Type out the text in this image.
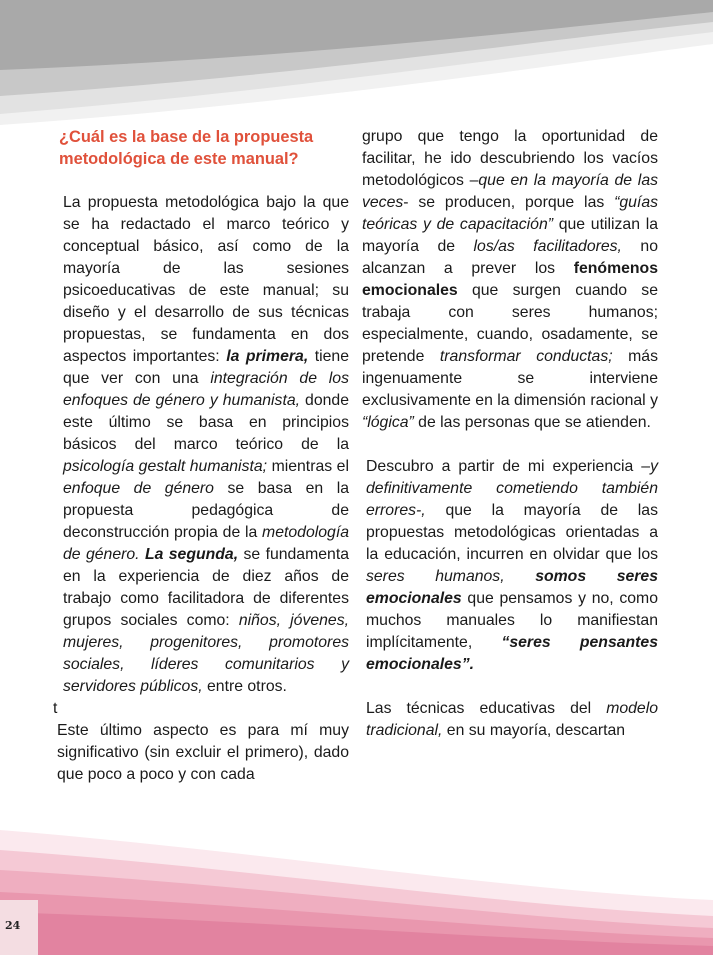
¿Cuál es la base de la propuesta metodológica de este manual?

La propuesta metodológica bajo la que se ha redactado el marco teórico y conceptual básico, así como de la mayoría de las sesiones psicoeducativas de este manual; su diseño y el desarrollo de sus técnicas propuestas, se fundamenta en dos aspectos importantes: la primera, tiene que ver con una integración de los enfoques de género y humanista, donde este último se basa en principios básicos del marco teórico de la psicología gestalt humanista; mientras el enfoque de género se basa en la propuesta pedagógica de deconstrucción propia de la metodología de género. La segunda, se fundamenta en la experiencia de diez años de trabajo como facilitadora de diferentes grupos sociales como: niños, jóvenes, mujeres, progenitores, promotores sociales, líderes comunitarios y servidores públicos, entre otros.

t

Este último aspecto es para mí muy significativo (sin excluir el primero), dado que poco a poco y con cada

grupo que tengo la oportunidad de facilitar, he ido descubriendo los vacíos metodológicos –que en la mayoría de las veces- se producen, porque las “guías teóricas y de capacitación” que utilizan la mayoría de los/as facilitadores, no alcanzan a prever los fenómenos emocionales que surgen cuando se trabaja con seres humanos; especialmente, cuando, osadamente, se pretende transformar conductas; más ingenuamente se interviene exclusivamente en la dimensión racional y “lógica” de las personas que se atienden.

Descubro a partir de mi experiencia –y definitivamente cometiendo también errores-, que la mayoría de las propuestas metodológicas orientadas a la educación, incurren en olvidar que los seres humanos, somos seres emocionales que pensamos y no, como muchos manuales lo manifiestan implícitamente, “seres pensantes emocionales”.

Las técnicas educativas del modelo tradicional, en su mayoría, descartan

24
